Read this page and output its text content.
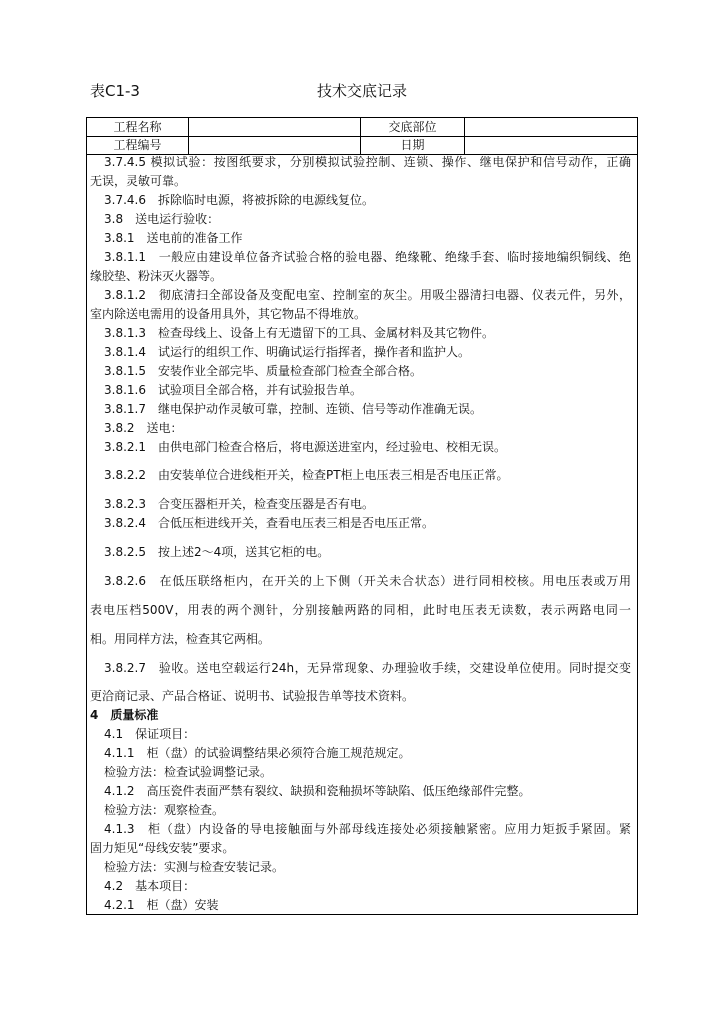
表C1-3	技术交底记录
工程名称	交底部位
工程编号	日期
3.7.4.5 模拟试验：按图纸要求，分别模拟试验控制、连锁、操作、继电保护和信号动作，正确
无误，灵敏可靠。
3.7.4.6　拆除临时电源，将被拆除的电源线复位。
3.8　送电运行验收：
3.8.1　送电前的准备工作
3.8.1.1　一般应由建设单位备齐试验合格的验电器、绝缘靴、绝缘手套、临时接地编织铜线、绝
缘胶垫、粉沫灭火器等。
3.8.1.2　彻底清扫全部设备及变配电室、控制室的灰尘。用吸尘器清扫电器、仪表元件，另外，
室内除送电需用的设备用具外，其它物品不得堆放。
3.8.1.3　检查母线上、设备上有无遗留下的工具、金属材料及其它物件。
3.8.1.4　试运行的组织工作、明确试运行指挥者，操作者和监护人。
3.8.1.5　安装作业全部完毕、质量检查部门检查全部合格。
3.8.1.6　试验项目全部合格，并有试验报告单。
3.8.1.7　继电保护动作灵敏可靠，控制、连锁、信号等动作准确无误。
3.8.2　送电：
3.8.2.1　由供电部门检查合格后，将电源送进室内，经过验电、校相无误。
3.8.2.2　由安装单位合进线柜开关，检查PT柜上电压表三相是否电压正常。
3.8.2.3　合变压器柜开关，检查变压器是否有电。
3.8.2.4　合低压柜进线开关，查看电压表三相是否电压正常。
3.8.2.5　按上述2～4项，送其它柜的电。
3.8.2.6　在低压联络柜内，在开关的上下侧（开关未合状态）进行同相校核。用电压表或万用
表电压档500V，用表的两个测针，分别接触两路的同相，此时电压表无读数，表示两路电同一
相。用同样方法，检查其它两相。
3.8.2.7　验收。送电空载运行24h，无异常现象、办理验收手续，交建设单位使用。同时提交变
更洽商记录、产品合格证、说明书、试验报告单等技术资料。
4　质量标准
4.1　保证项目：
4.1.1　柜（盘）的试验调整结果必须符合施工规范规定。
检验方法：检查试验调整记录。
4.1.2　高压瓷件表面严禁有裂纹、缺损和瓷釉损坏等缺陷、低压绝缘部件完整。
检验方法：观察检查。
4.1.3　柜（盘）内设备的导电接触面与外部母线连接处必须接触紧密。应用力矩扳手紧固。紧
固力矩见“母线安装”要求。
检验方法：实测与检查安装记录。
4.2　基本项目：
4.2.1　柜（盘）安装
